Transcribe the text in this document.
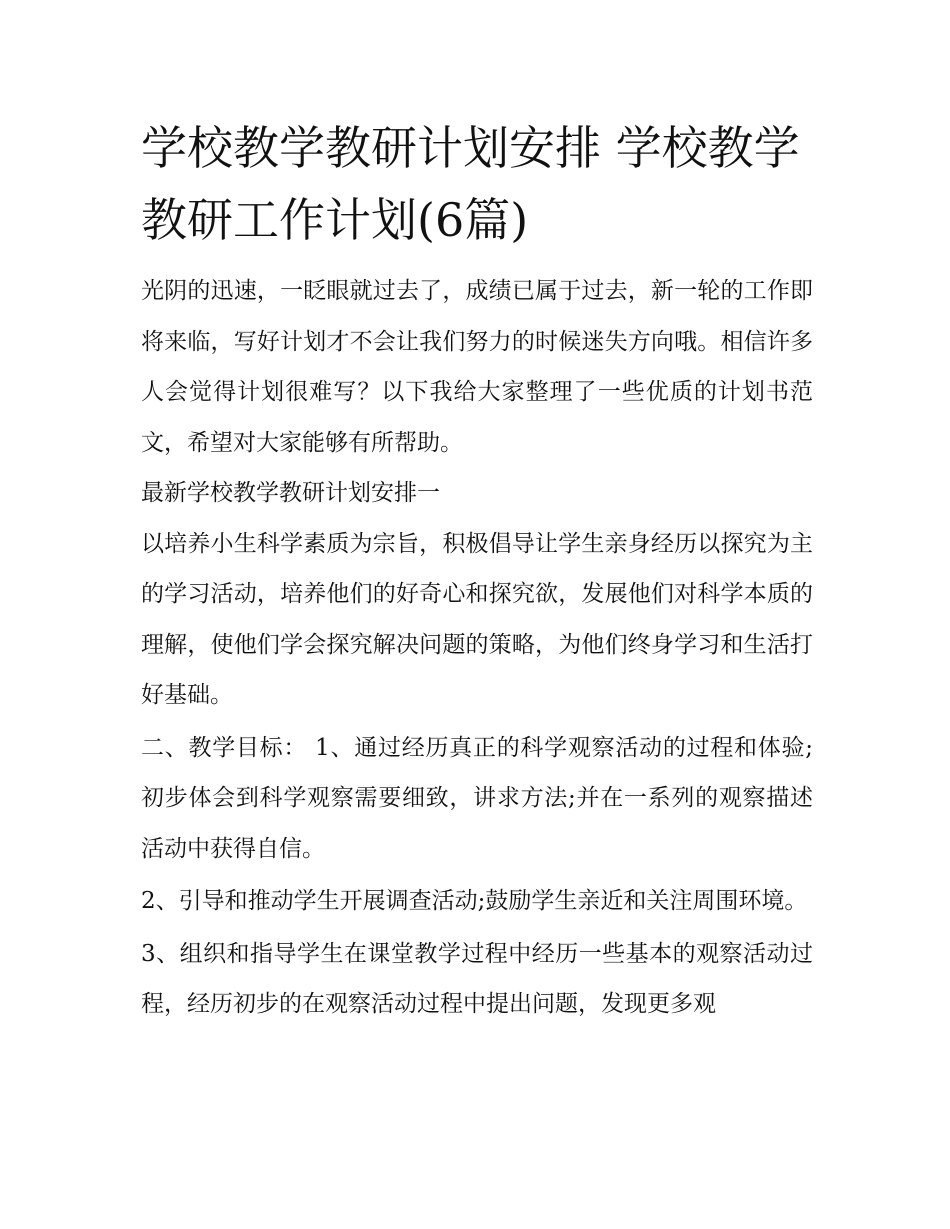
学校教学教研计划安排 学校教学教研工作计划(6篇)

光阴的迅速，一眨眼就过去了，成绩已属于过去，新一轮的工作即将来临，写好计划才不会让我们努力的时候迷失方向哦。相信许多人会觉得计划很难写？以下我给大家整理了一些优质的计划书范文，希望对大家能够有所帮助。

最新学校教学教研计划安排一

以培养小生科学素质为宗旨，积极倡导让学生亲身经历以探究为主的学习活动，培养他们的好奇心和探究欲，发展他们对科学本质的理解，使他们学会探究解决问题的策略，为他们终身学习和生活打好基础。

二、教学目标： 1、通过经历真正的科学观察活动的过程和体验;初步体会到科学观察需要细致，讲求方法;并在一系列的观察描述活动中获得自信。

2、引导和推动学生开展调查活动;鼓励学生亲近和关注周围环境。

3、组织和指导学生在课堂教学过程中经历一些基本的观察活动过程，经历初步的在观察活动过程中提出问题，发现更多观
